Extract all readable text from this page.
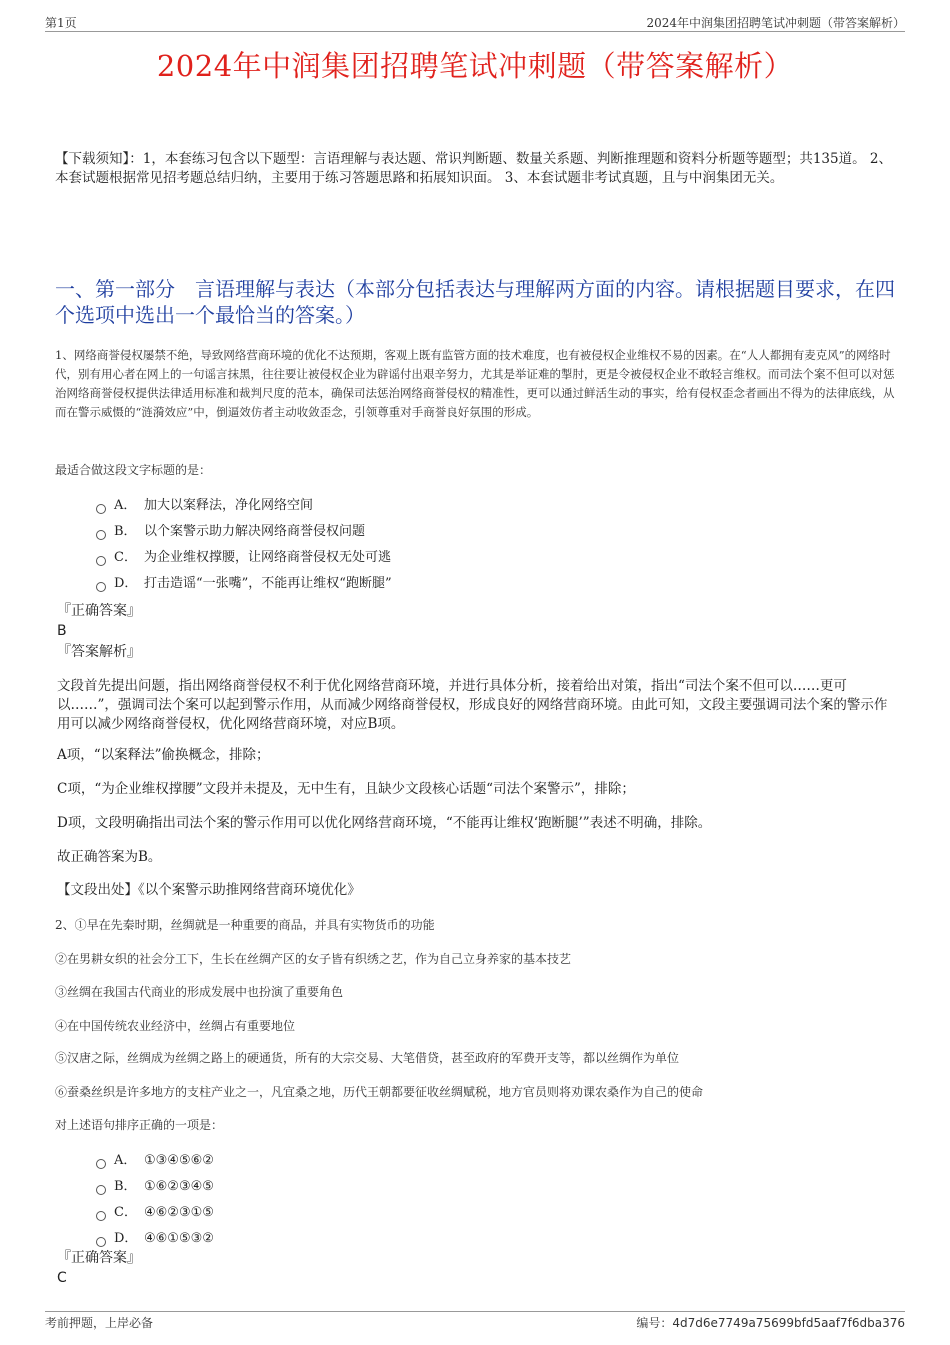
第1页	2024年中润集团招聘笔试冲刺题（带答案解析）
2024年中润集团招聘笔试冲刺题（带答案解析）
【下载须知】：1，本套练习包含以下题型：言语理解与表达题、常识判断题、数量关系题、判断推理题和资料分析题等题型；共135道。 2、本套试题根据常见招考题总结归纳，主要用于练习答题思路和拓展知识面。 3、本套试题非考试真题，且与中润集团无关。
一、第一部分　言语理解与表达（本部分包括表达与理解两方面的内容。请根据题目要求，在四个选项中选出一个最恰当的答案。）
1、网络商誉侵权屡禁不绝，导致网络营商环境的优化不达预期，客观上既有监管方面的技术难度，也有被侵权企业维权不易的因素。在“人人都拥有麦克风”的网络时代，别有用心者在网上的一句谣言抹黑，往往要让被侵权企业为辟谣付出艰辛努力，尤其是举证难的掣肘，更是令被侵权企业不敢轻言维权。而司法个案不但可以对惩治网络商誉侵权提供法律适用标准和裁判尺度的范本，确保司法惩治网络商誉侵权的精准性，更可以通过鲜活生动的事实，给有侵权歪念者画出不得为的法律底线，从而在警示威慑的“涟漪效应”中，倒逼效仿者主动收敛歪念，引领尊重对手商誉良好氛围的形成。
最适合做这段文字标题的是：
A． 加大以案释法，净化网络空间
B． 以个案警示助力解决网络商誉侵权问题
C． 为企业维权撑腰，让网络商誉侵权无处可逃
D． 打击造谣“一张嘴”，不能再让维权“跑断腿”
『正确答案』
B
『答案解析』
文段首先提出问题，指出网络商誉侵权不利于优化网络营商环境，并进行具体分析，接着给出对策，指出“司法个案不但可以……更可以……”，强调司法个案可以起到警示作用，从而减少网络商誉侵权，形成良好的网络营商环境。由此可知，文段主要强调司法个案的警示作用可以减少网络商誉侵权，优化网络营商环境，对应B项。
A项，“以案释法”偷换概念，排除；
C项，“为企业维权撑腰”文段并未提及，无中生有，且缺少文段核心话题“司法个案警示”，排除；
D项，文段明确指出司法个案的警示作用可以优化网络营商环境，“不能再让维权‘跑断腿’”表述不明确，排除。
故正确答案为B。
【文段出处】《以个案警示助推网络营商环境优化》
2、①早在先秦时期，丝绸就是一种重要的商品，并具有实物货币的功能
②在男耕女织的社会分工下，生长在丝绸产区的女子皆有织绣之艺，作为自己立身养家的基本技艺
③丝绸在我国古代商业的形成发展中也扮演了重要角色
④在中国传统农业经济中，丝绸占有重要地位
⑤汉唐之际，丝绸成为丝绸之路上的硬通货，所有的大宗交易、大笔借贷，甚至政府的军费开支等，都以丝绸作为单位
⑥蚕桑丝织是许多地方的支柱产业之一，凡宜桑之地，历代王朝都要征收丝绸赋税，地方官员则将劝课农桑作为自己的使命
对上述语句排序正确的一项是：
A． ①③④⑤⑥②
B． ①⑥②③④⑤
C． ④⑥②③①⑤
D． ④⑥①⑤③②
『正确答案』
C
考前押题，上岸必备	编号：4d7d6e7749a75699bfd5aaf7f6dba376
